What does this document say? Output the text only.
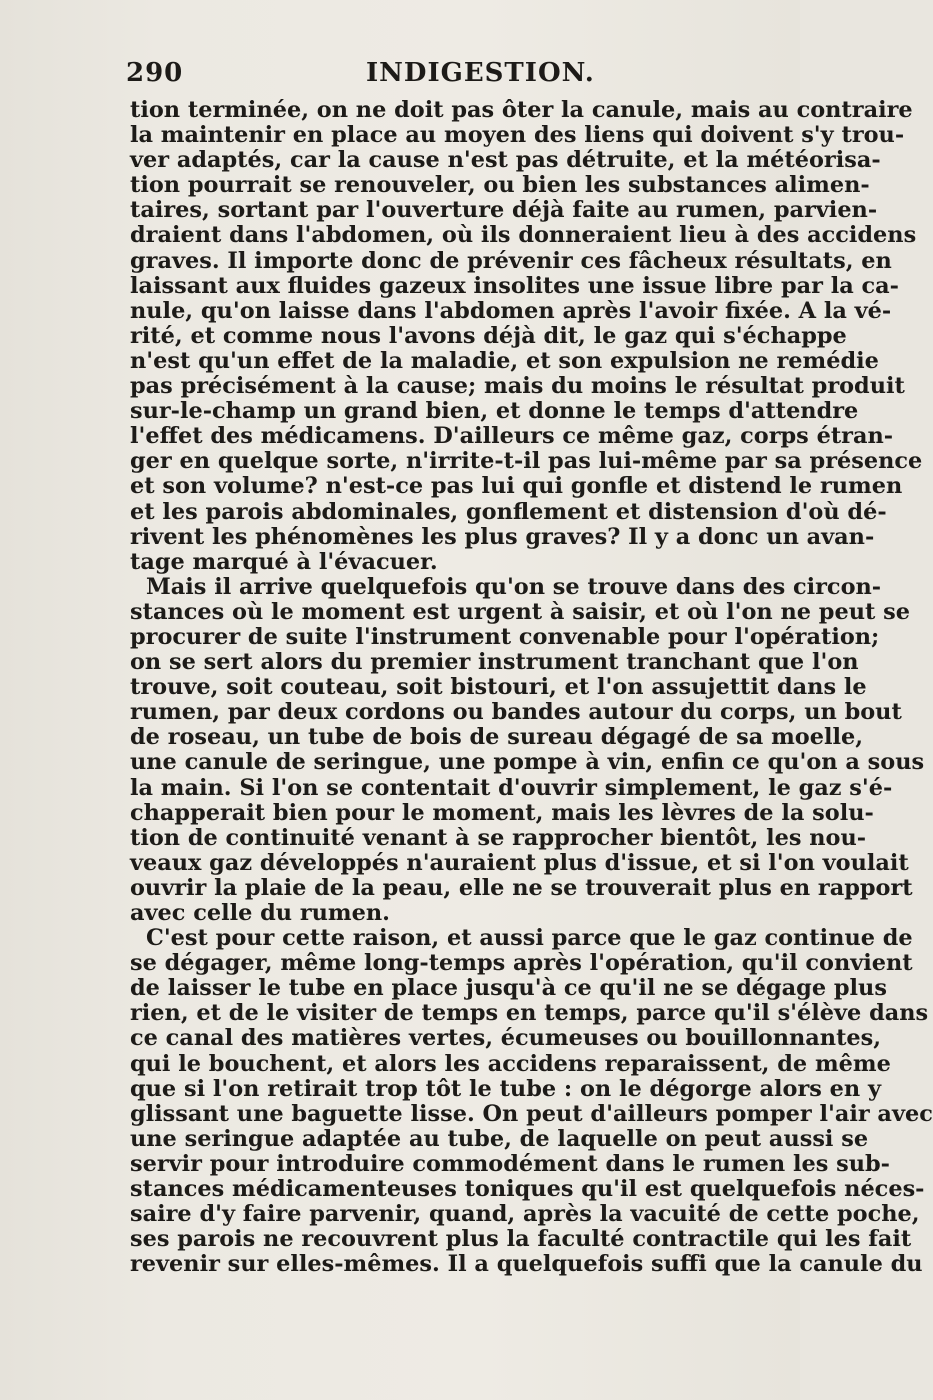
290	INDIGESTION.
tion terminée, on ne doit pas ôter la canule, mais au contraire
la maintenir en place au moyen des liens qui doivent s'y trou-
ver adaptés, car la cause n'est pas détruite, et la météorisa-
tion pourrait se renouveler, ou bien les substances alimen-
taires, sortant par l'ouverture déjà faite au rumen, parvien-
draient dans l'abdomen, où ils donneraient lieu à des accidens
graves. Il importe donc de prévenir ces fâcheux résultats, en
laissant aux fluides gazeux insolites une issue libre par la ca-
nule, qu'on laisse dans l'abdomen après l'avoir fixée. A la vé-
rité, et comme nous l'avons déjà dit, le gaz qui s'échappe
n'est qu'un effet de la maladie, et son expulsion ne remédie
pas précisément à la cause; mais du moins le résultat produit
sur-le-champ un grand bien, et donne le temps d'attendre
l'effet des médicamens. D'ailleurs ce même gaz, corps étran-
ger en quelque sorte, n'irrite-t-il pas lui-même par sa présence
et son volume? n'est-ce pas lui qui gonfle et distend le rumen
et les parois abdominales, gonflement et distension d'où dé-
rivent les phénomènes les plus graves? Il y a donc un avan-
tage marqué à l'évacuer.
Mais il arrive quelquefois qu'on se trouve dans des circon-
stances où le moment est urgent à saisir, et où l'on ne peut se
procurer de suite l'instrument convenable pour l'opération;
on se sert alors du premier instrument tranchant que l'on
trouve, soit couteau, soit bistouri, et l'on assujettit dans le
rumen, par deux cordons ou bandes autour du corps, un bout
de roseau, un tube de bois de sureau dégagé de sa moelle,
une canule de seringue, une pompe à vin, enfin ce qu'on a sous
la main. Si l'on se contentait d'ouvrir simplement, le gaz s'é-
chapperait bien pour le moment, mais les lèvres de la solu-
tion de continuité venant à se rapprocher bientôt, les nou-
veaux gaz développés n'auraient plus d'issue, et si l'on voulait
ouvrir la plaie de la peau, elle ne se trouverait plus en rapport
avec celle du rumen.
C'est pour cette raison, et aussi parce que le gaz continue de
se dégager, même long-temps après l'opération, qu'il convient
de laisser le tube en place jusqu'à ce qu'il ne se dégage plus
rien, et de le visiter de temps en temps, parce qu'il s'élève dans
ce canal des matières vertes, écumeuses ou bouillonnantes,
qui le bouchent, et alors les accidens reparaissent, de même
que si l'on retirait trop tôt le tube : on le dégorge alors en y
glissant une baguette lisse. On peut d'ailleurs pomper l'air avec
une seringue adaptée au tube, de laquelle on peut aussi se
servir pour introduire commodément dans le rumen les sub-
stances médicamenteuses toniques qu'il est quelquefois néces-
saire d'y faire parvenir, quand, après la vacuité de cette poche,
ses parois ne recouvrent plus la faculté contractile qui les fait
revenir sur elles-mêmes. Il a quelquefois suffi que la canule du
